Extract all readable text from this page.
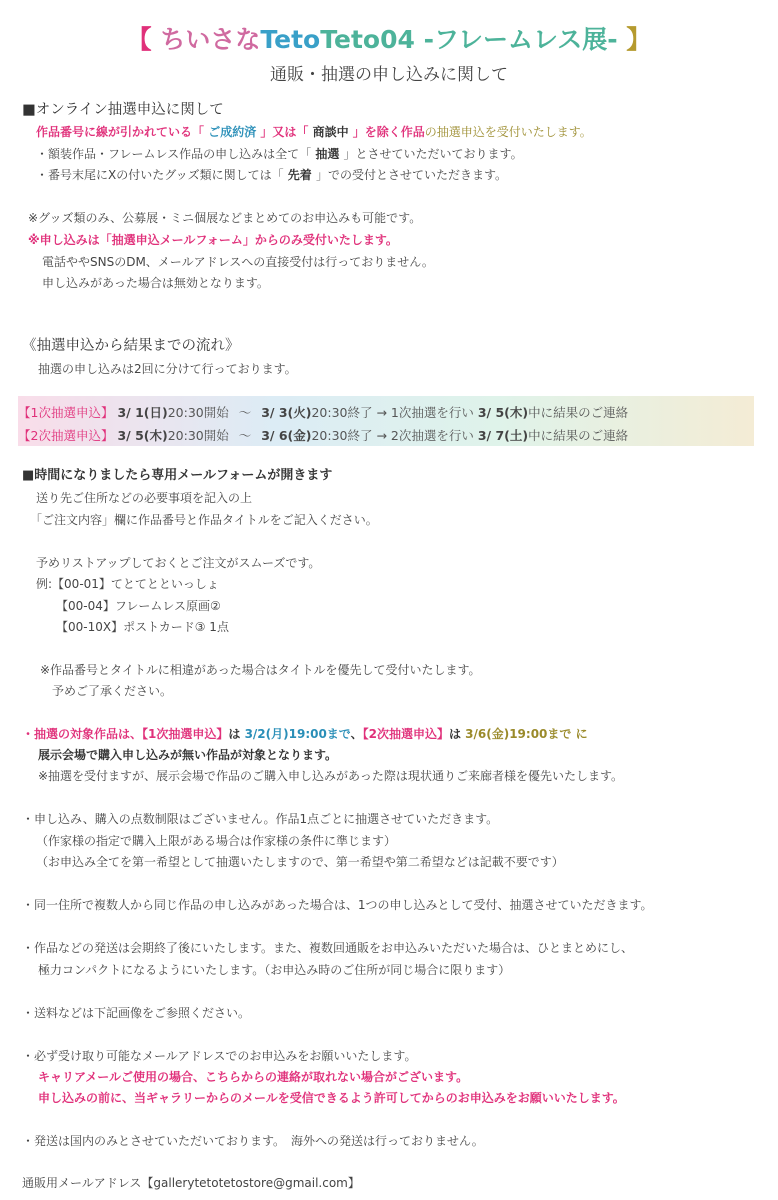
【 ちいさなTetoTeto04 -フレームレス展- 】
通販・抽選の申し込みに関して
■オンライン抽選申込に関して
作品番号に線が引かれている「 ご成約済 」又は「 商談中 」を除く作品の抽選申込を受付いたします。
・額装作品・フレームレス作品の申し込みは全て「 抽選 」とさせていただいております。
・番号末尾にXの付いたグッズ類に関しては「 先着 」での受付とさせていただきます。
※グッズ類のみ、公募展・ミニ個展などまとめてのお申込みも可能です。
※申し込みは「抽選申込メールフォーム」からのみ受付いたします。
電話ややSNSのDM、メールアドレスへの直接受付は行っておりません。
申し込みがあった場合は無効となります。
《抽選申込から結果までの流れ》
抽選の申し込みは2回に分けて行っております。
【1次抽選申込】 3/ 1(日)20:30開始 〜 3/ 3(火)20:30終了 → 1次抽選を行い 3/ 5(木)中に結果のご連絡
【2次抽選申込】 3/ 5(木)20:30開始 〜 3/ 6(金)20:30終了 → 2次抽選を行い 3/ 7(土)中に結果のご連絡
■時間になりましたら専用メールフォームが開きます
送り先ご住所などの必要事項を記入の上
「ご注文内容」欄に作品番号と作品タイトルをご記入ください。
予めリストアップしておくとご注文がスムーズです。
例:【00-01】てとてとといっしょ
【00-04】フレームレス原画②
【00-10X】ポストカード③ 1点
※作品番号とタイトルに相違があった場合はタイトルを優先して受付いたします。
予めご了承ください。
・抽選の対象作品は、【1次抽選申込】は 3/2(月)19:00まで、【2次抽選申込】は 3/6(金)19:00まで に
展示会場で購入申し込みが無い作品が対象となります。
※抽選を受付ますが、展示会場で作品のご購入申し込みがあった際は現状通りご来廊者様を優先いたします。
・申し込み、購入の点数制限はございません。作品1点ごとに抽選させていただきます。
（作家様の指定で購入上限がある場合は作家様の条件に準じます）
（お申込み全てを第一希望として抽選いたしますので、第一希望や第二希望などは記載不要です）
・同一住所で複数人から同じ作品の申し込みがあった場合は、1つの申し込みとして受付、抽選させていただきます。
・作品などの発送は会期終了後にいたします。また、複数回通販をお申込みいただいた場合は、ひとまとめにし、
極力コンパクトになるようにいたします。（お申込み時のご住所が同じ場合に限ります）
・送料などは下記画像をご参照ください。
・必ず受け取り可能なメールアドレスでのお申込みをお願いいたします。
キャリアメールご使用の場合、こちらからの連絡が取れない場合がございます。
申し込みの前に、当ギャラリーからのメールを受信できるよう許可してからのお申込みをお願いいたします。
・発送は国内のみとさせていただいております。　海外への発送は行っておりません。
通販用メールアドレス【gallerytetotetostore@gmail.com】
